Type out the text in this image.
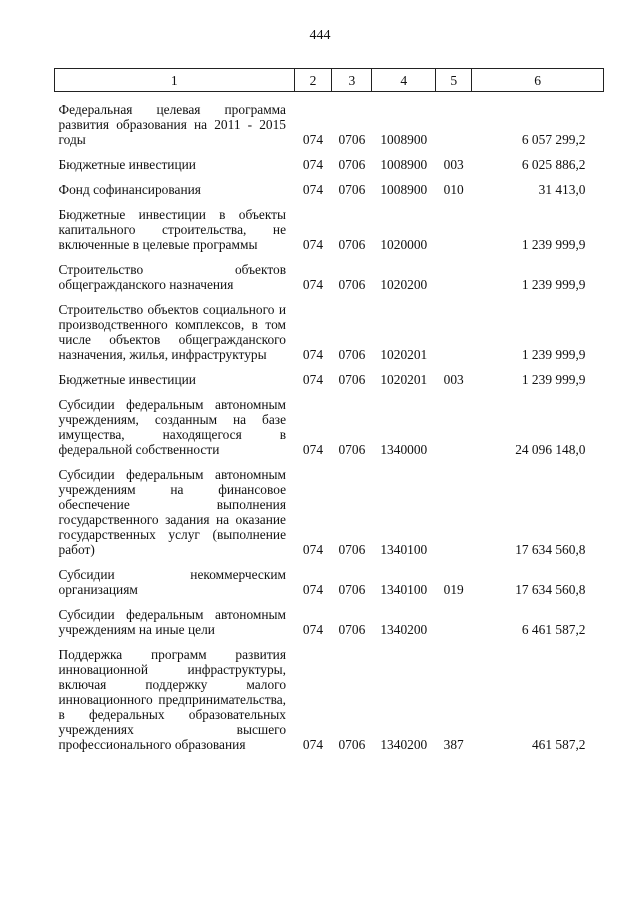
444
1	2	3	4	5	6
Федеральная целевая программа развития образования на 2011 - 2015 годы	074	0706	1008900		6 057 299,2
Бюджетные инвестиции	074	0706	1008900	003	6 025 886,2
Фонд софинансирования	074	0706	1008900	010	31 413,0
Бюджетные инвестиции в объекты капитального строительства, не включенные в целевые программы	074	0706	1020000		1 239 999,9
Строительство объектов общегражданского назначения	074	0706	1020200		1 239 999,9
Строительство объектов социального и производственного комплексов, в том числе объектов общегражданского назначения, жилья, инфраструктуры	074	0706	1020201		1 239 999,9
Бюджетные инвестиции	074	0706	1020201	003	1 239 999,9
Субсидии федеральным автономным учреждениям, созданным на базе имущества, находящегося в федеральной собственности	074	0706	1340000		24 096 148,0
Субсидии федеральным автономным учреждениям на финансовое обеспечение выполнения государственного задания на оказание государственных услуг (выполнение работ)	074	0706	1340100		17 634 560,8
Субсидии некоммерческим организациям	074	0706	1340100	019	17 634 560,8
Субсидии федеральным автономным учреждениям на иные цели	074	0706	1340200		6 461 587,2
Поддержка программ развития инновационной инфраструктуры, включая поддержку малого инновационного предпринимательства, в федеральных образовательных учреждениях высшего профессионального образования	074	0706	1340200	387	461 587,2
